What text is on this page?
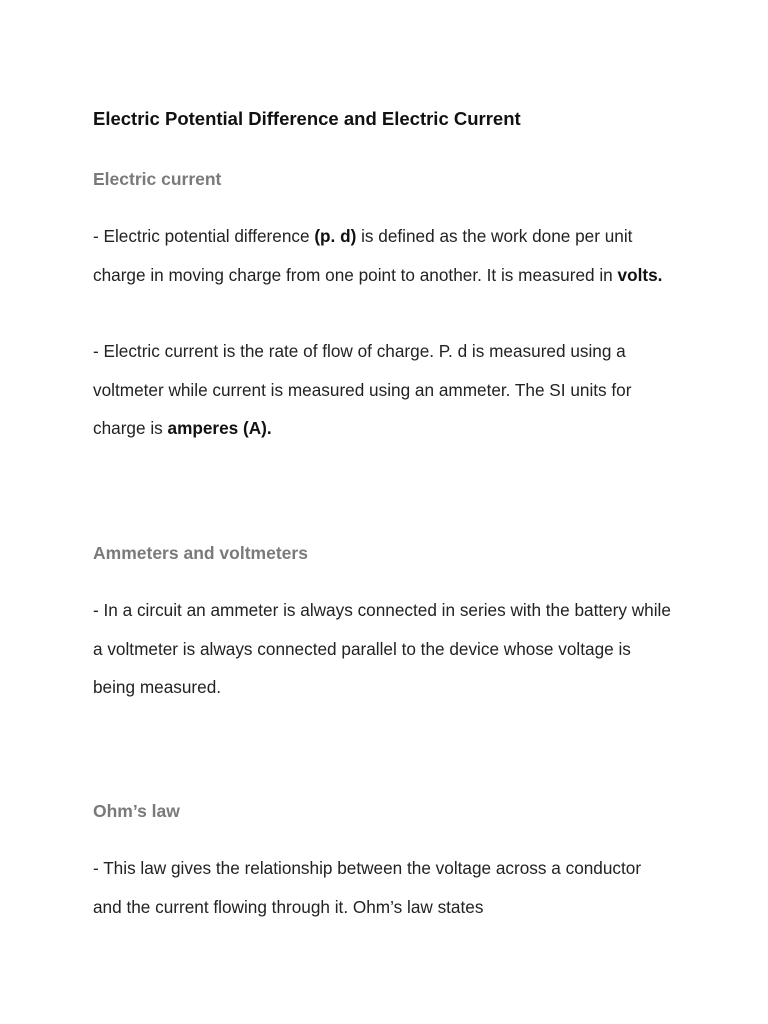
Electric Potential Difference and Electric Current
Electric current

- Electric potential difference (p. d) is defined as the work done per unit charge in moving charge from one point to another. It is measured in volts.

- Electric current is the rate of flow of charge. P. d is measured using a voltmeter while current is measured using an ammeter. The SI units for charge is amperes (A).

Ammeters and voltmeters

- In a circuit an ammeter is always connected in series with the battery while a voltmeter is always connected parallel to the device whose voltage is being measured.

Ohm’s law

- This law gives the relationship between the voltage across a conductor and the current flowing through it. Ohm’s law states
